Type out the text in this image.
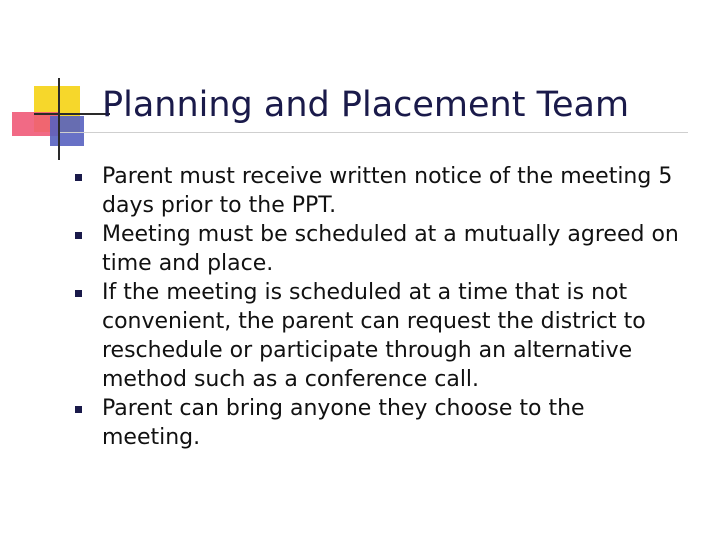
Planning and Placement Team
Parent must receive written notice of the meeting 5 days prior to the PPT.
Meeting must be scheduled at a mutually agreed on time and place.
If the meeting is scheduled at a time that is not convenient, the parent can request the district to reschedule or participate through an alternative method such as a conference call.
Parent can bring anyone they choose to the meeting.
